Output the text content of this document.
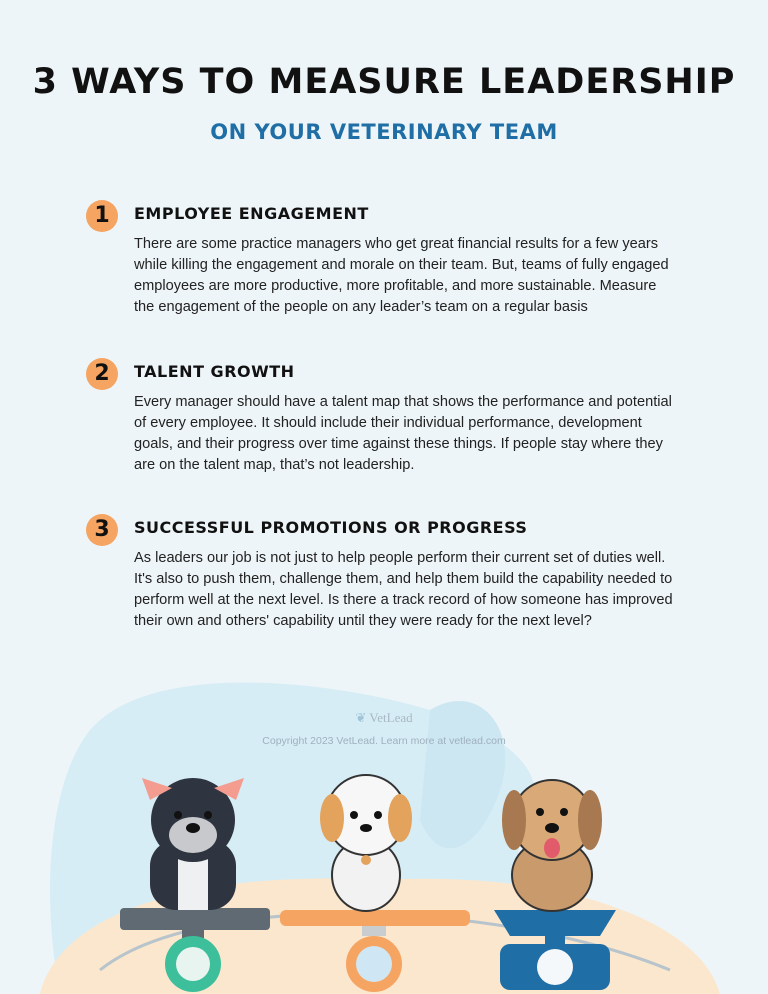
3 WAYS TO MEASURE LEADERSHIP
ON YOUR VETERINARY TEAM
1	EMPLOYEE ENGAGEMENT
There are some practice managers who get great financial results for a few years while killing the engagement and morale on their team. But, teams of fully engaged employees are more productive, more profitable, and more sustainable. Measure the engagement of the people on any leader’s team on a regular basis
2	TALENT GROWTH
Every manager should have a talent map that shows the performance and potential of every employee. It should include their individual performance, development goals, and their progress over time against these things. If people stay where they are on the talent map, that’s not leadership.
3	SUCCESSFUL PROMOTIONS OR PROGRESS
As leaders our job is not just to help people perform their current set of duties well. It's also to push them, challenge them, and help them build the capability needed to perform well at the next level. Is there a track record of how someone has improved their own and others' capability until they were ready for the next level?
❦ VetLead
Copyright 2023 VetLead. Learn more at vetlead.com
